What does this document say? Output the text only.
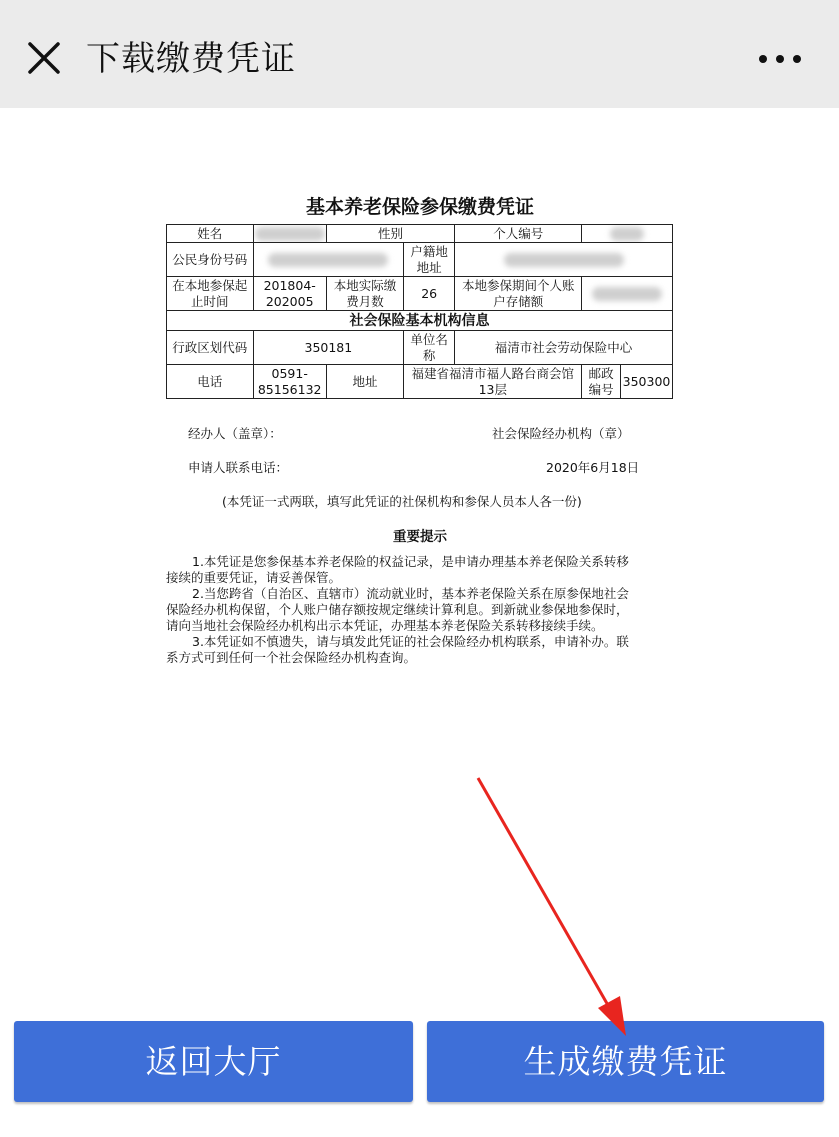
下载缴费凭证
基本养老保险参保缴费凭证
姓名		性别		个人编号		
公民身份号码			户籍地地址			
在本地参保起止时间	201804-202005	本地实际缴费月数	26	本地参保期间个人账户存储额		
社会保险基本机构信息						
行政区划代码	350181		单位名称	福清市社会劳动保险中心		
电话	0591-85156132	地址	福建省福清市福人路台商会馆13层		邮政编号	350300
经办人（盖章）：	社会保险经办机构（章）
申请人联系电话：	2020年6月18日
(本凭证一式两联，填写此凭证的社保机构和参保人员本人各一份)
重要提示
1.本凭证是您参保基本养老保险的权益记录，是申请办理基本养老保险关系转移
接续的重要凭证，请妥善保管。
2.当您跨省（自治区、直辖市）流动就业时，基本养老保险关系在原参保地社会
保险经办机构保留，个人账户储存额按规定继续计算利息。到新就业参保地参保时，
请向当地社会保险经办机构出示本凭证，办理基本养老保险关系转移接续手续。
3.本凭证如不慎遗失，请与填发此凭证的社会保险经办机构联系，申请补办。联
系方式可到任何一个社会保险经办机构查询。
返回大厅	生成缴费凭证
